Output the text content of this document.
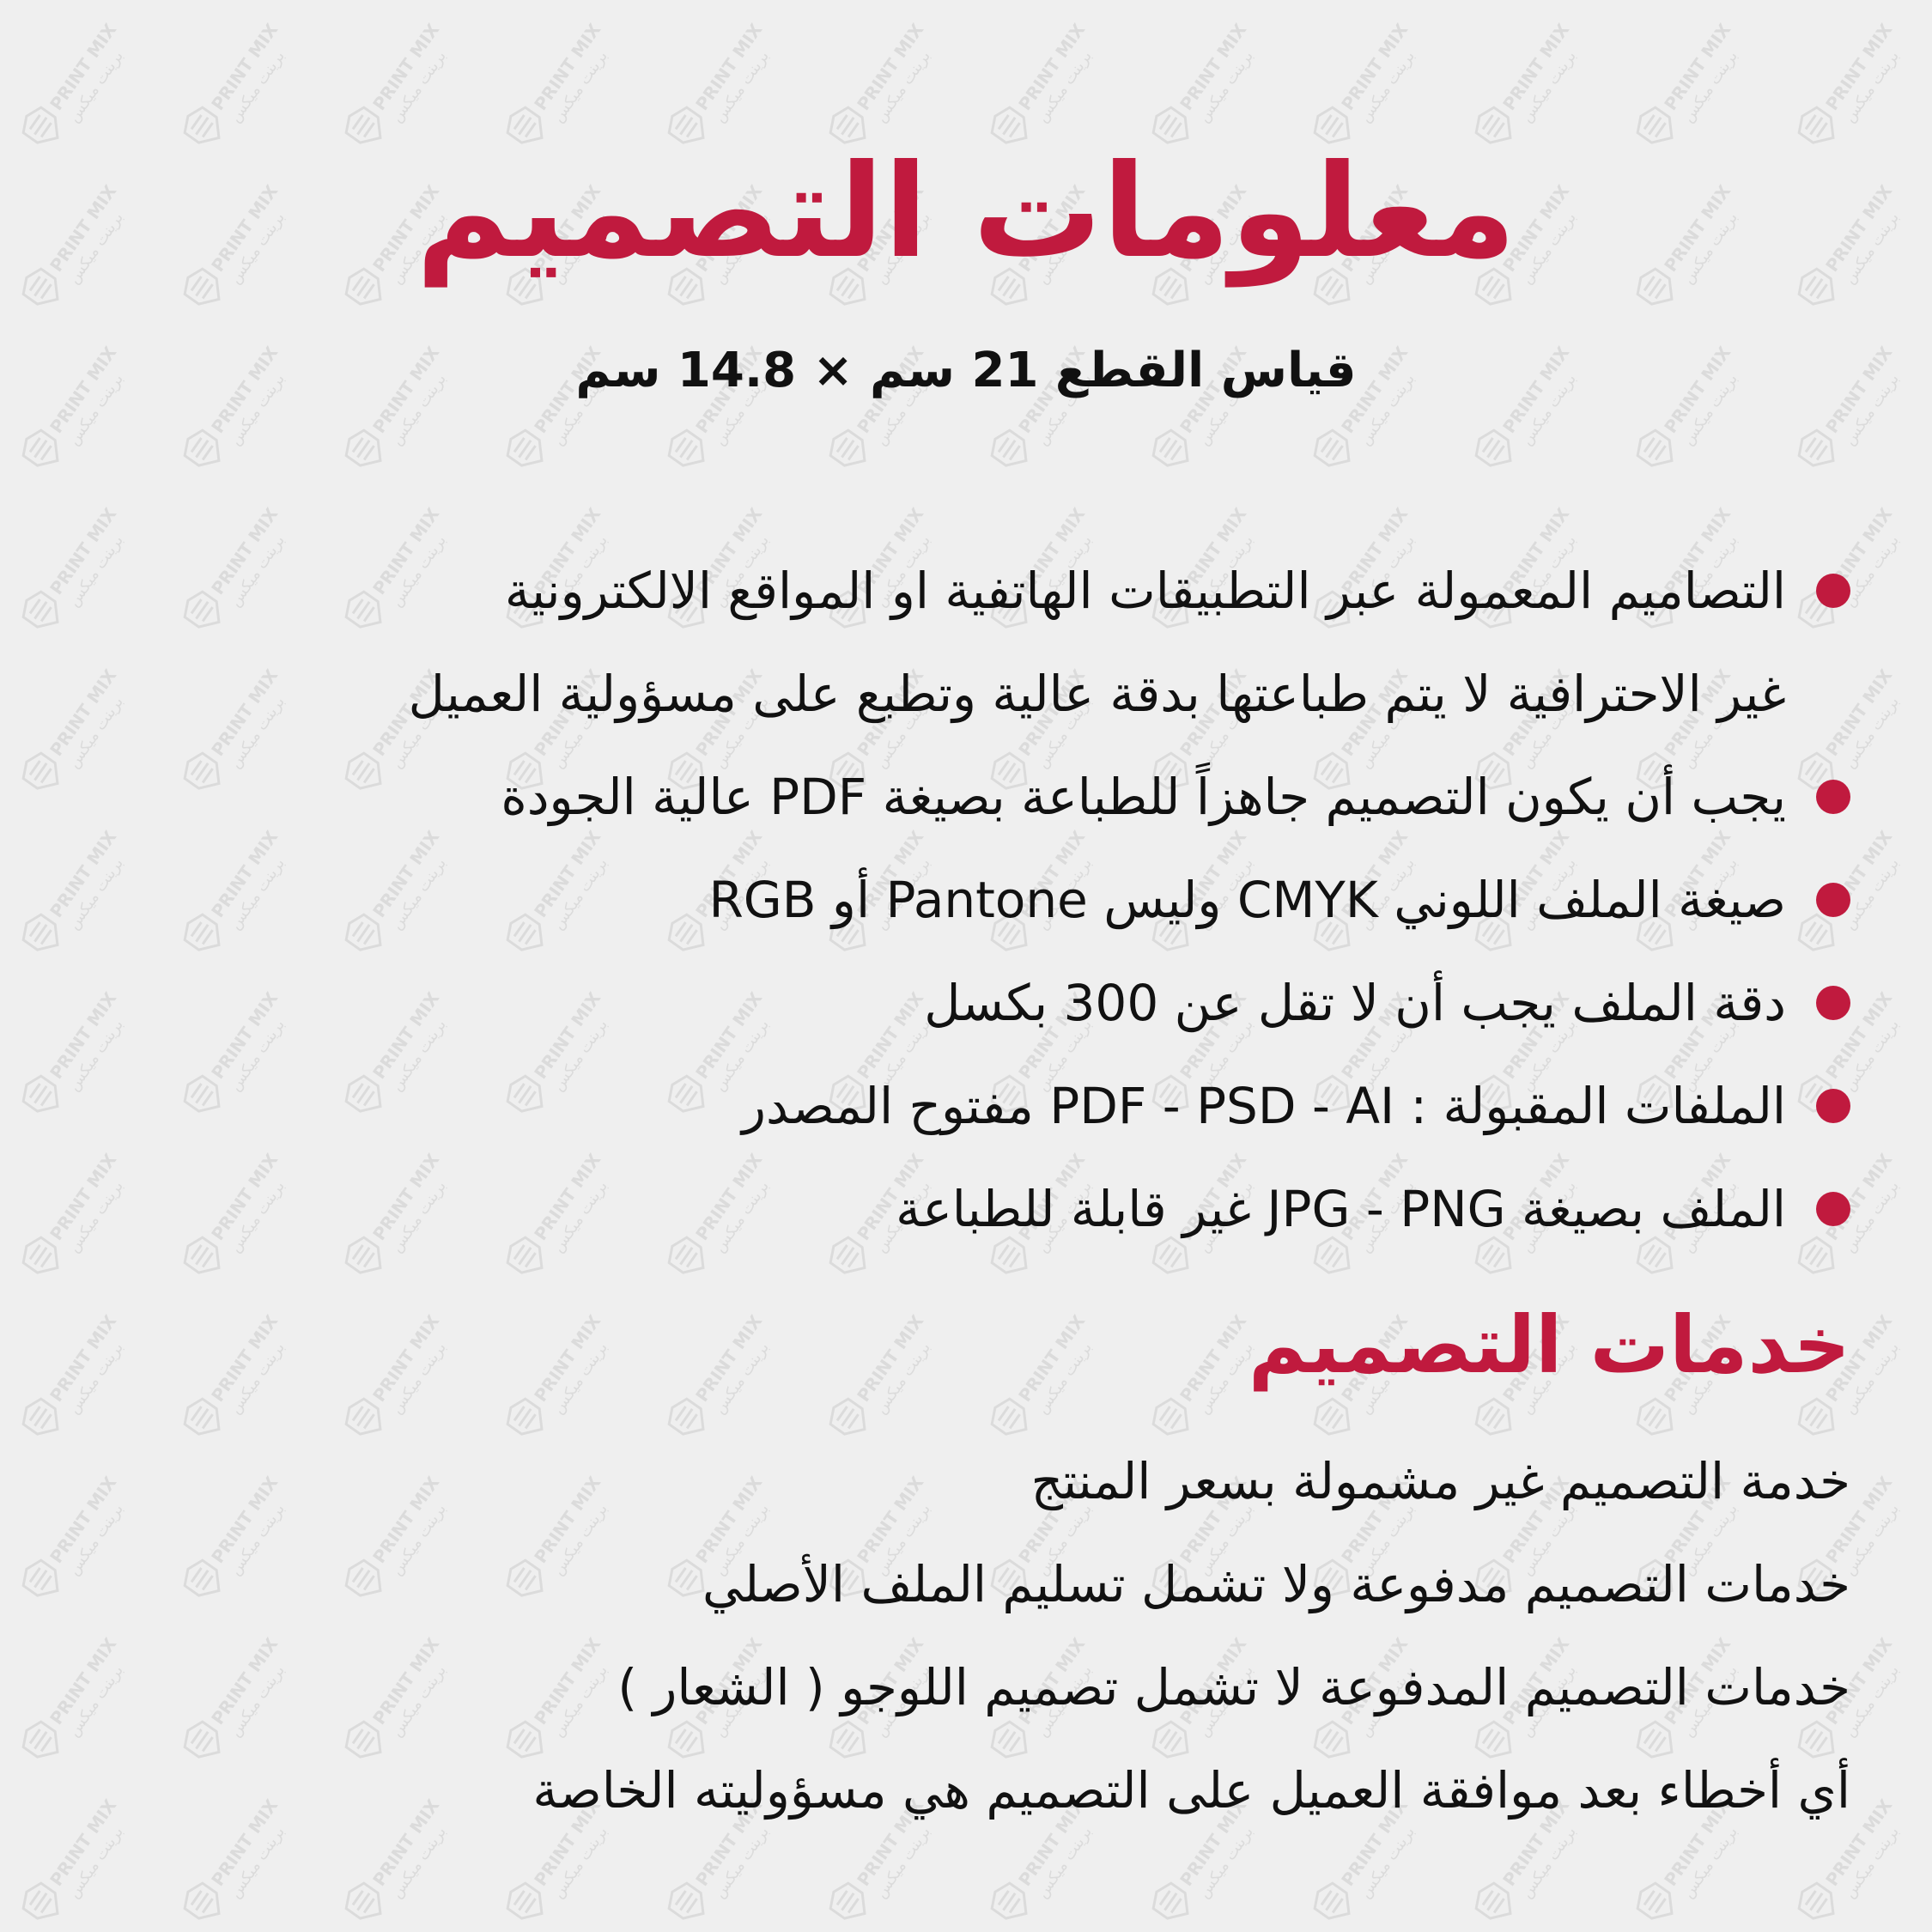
معلومات التصميم
قياس القطع 21 سم × 14.8 سم
التصاميم المعمولة عبر التطبيقات الهاتفية او المواقع الالكترونية
غير الاحترافية لا يتم طباعتها بدقة عالية وتطبع على مسؤولية العميل
يجب أن يكون التصميم جاهزاً للطباعة بصيغة PDF عالية الجودة
صيغة الملف اللوني CMYK وليس Pantone أو RGB
دقة الملف يجب أن لا تقل عن 300 بكسل
الملفات المقبولة : PDF - PSD - AI مفتوح المصدر
الملف بصيغة JPG - PNG غير قابلة للطباعة
خدمات التصميم
خدمة التصميم غير مشمولة بسعر المنتج
خدمات التصميم مدفوعة ولا تشمل تسليم الملف الأصلي
خدمات التصميم المدفوعة لا تشمل تصميم اللوجو ( الشعار )
أي أخطاء بعد موافقة العميل على التصميم هي مسؤوليته الخاصة
